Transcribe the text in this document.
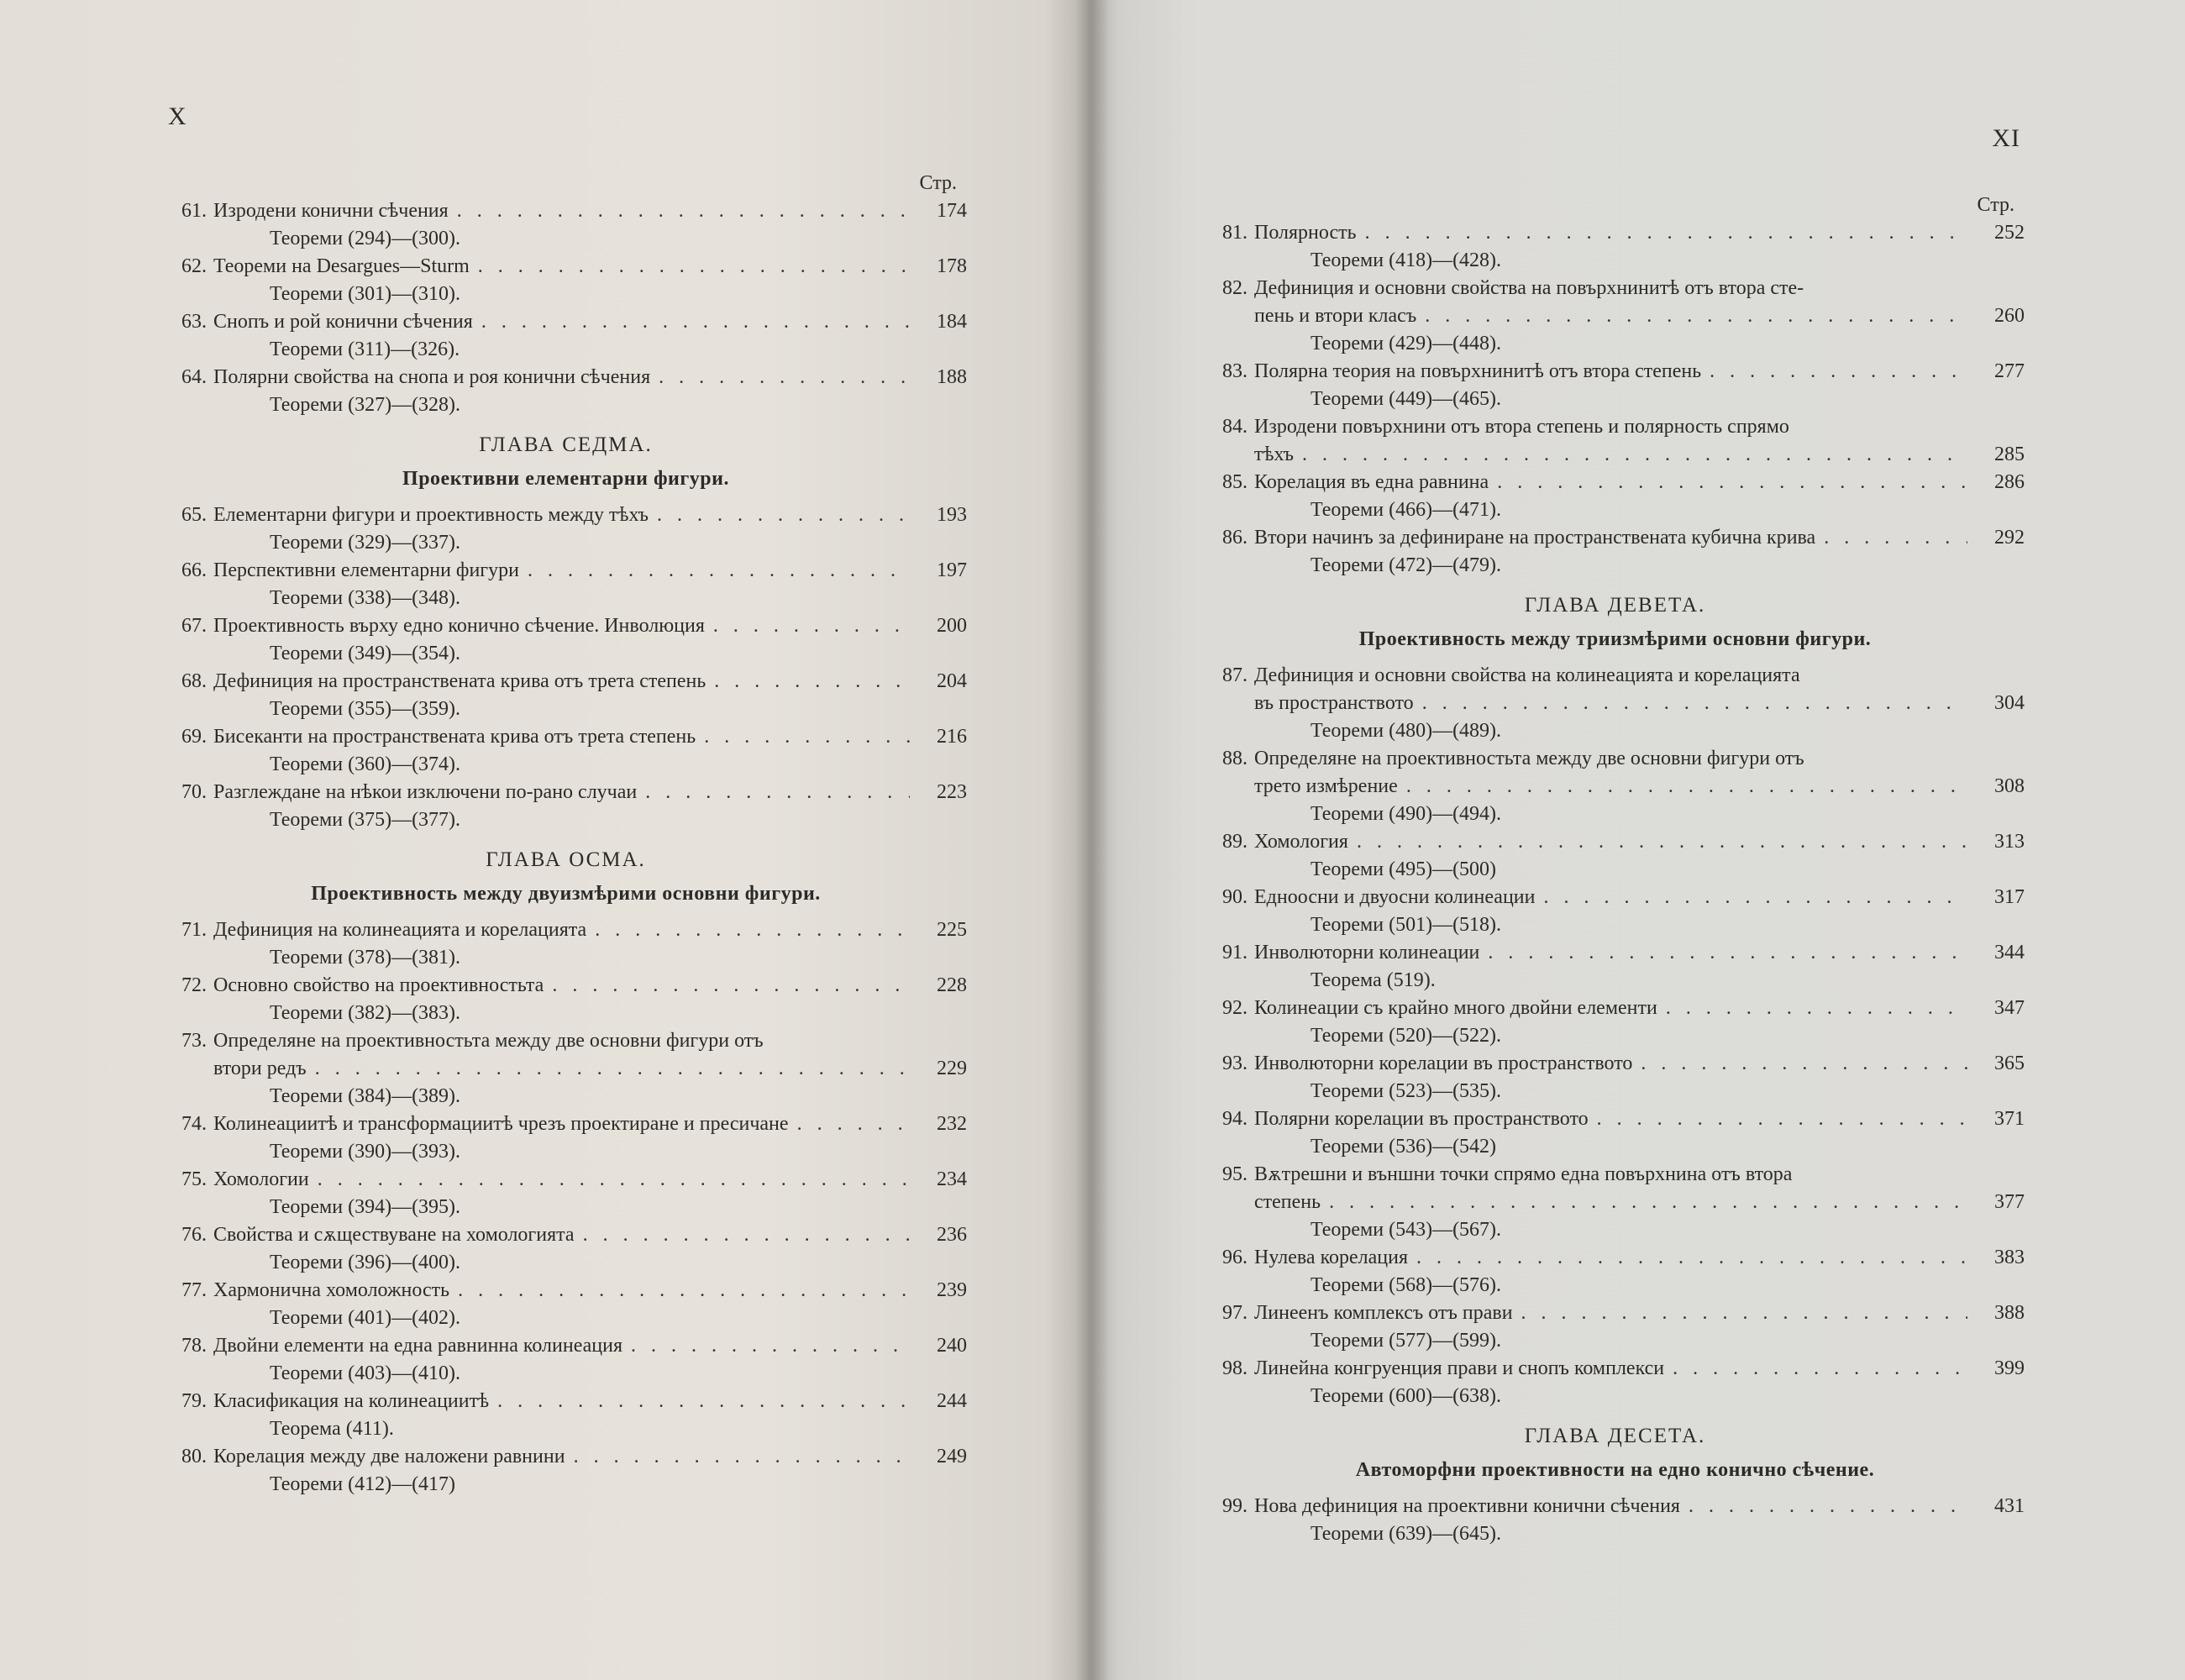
X
Стр.
61. Изродени конични сѣчения . . .	174
Теореми (294)—(300).
62. Теореми на Desargues—Sturm . . .	178
Теореми (301)—(310).
63. Снопъ и рой конични сѣчения . . .	184
Теореми (311)—(326).
64. Полярни свойства на снопа и роя конични сѣчения . . .	188
Теореми (327)—(328).
ГЛАВА СЕДМА.
Проективни елементарни фигури.
65. Елементарни фигури и проективность между тѣхъ . . .	193
Теореми (329)—(337).
66. Перспективни елементарни фигури . . .	197
Теореми (338)—(348).
67. Проективность върху едно конично сѣчение. Инволюция . . .	200
Теореми (349)—(354).
68. Дефиниция на пространствената крива отъ трета степень . . .	204
Теореми (355)—(359).
69. Бисеканти на пространствената крива отъ трета степень . . .	216
Теореми (360)—(374).
70. Разглеждане на нѣкои изключени по-рано случаи . . .	223
Теореми (375)—(377).
ГЛАВА ОСМА.
Проективность между двуизмѣрими основни фигури.
71. Дефиниция на колинеацията и корелацията . . .	225
Теореми (378)—(381).
72. Основно свойство на проективностьта . . .	228
Теореми (382)—(383).
73. Определяне на проективностьта между две основни фигури отъ
втори редъ . . .	229
Теореми (384)—(389).
74. Колинеациитѣ и трансформациитѣ чрезъ проектиране и пресичане . . .	232
Теореми (390)—(393).
75. Хомологии . . .	234
Теореми (394)—(395).
76. Свойства и сѫществуване на хомологията . . .	236
Теореми (396)—(400).
77. Хармонична хомоложность . . .	239
Теореми (401)—(402).
78. Двойни елементи на една равнинна колинеация . . .	240
Теореми (403)—(410).
79. Класификация на колинеациитѣ . . .	244
Теорема (411).
80. Корелация между две наложени равнини . . .	249
Теореми (412)—(417)
XI
Стр.
81. Полярность . . .	252
Теореми (418)—(428).
82. Дефиниция и основни свойства на повърхнинитѣ отъ втора сте-
пень и втори класъ . . .	260
Теореми (429)—(448).
83. Полярна теория на повърхнинитѣ отъ втора степень . . .	277
Теореми (449)—(465).
84. Изродени повърхнини отъ втора степень и полярность спрямо
тѣхъ . . .	285
85. Корелация въ една равнина . . .	286
Теореми (466)—(471).
86. Втори начинъ за дефиниране на пространствената кубична крива . . .	292
Теореми (472)—(479).
ГЛАВА ДЕВЕТА.
Проективность между триизмѣрими основни фигури.
87. Дефиниция и основни свойства на колинеацията и корелацията
въ пространството . . .	304
Теореми (480)—(489).
88. Определяне на проективностьта между две основни фигури отъ
трето измѣрение . . .	308
Теореми (490)—(494).
89. Хомология . . .	313
Теореми (495)—(500)
90. Едноосни и двуосни колинеации . . .	317
Теореми (501)—(518).
91. Инволюторни колинеации . . .	344
Теорема (519).
92. Колинеации съ крайно много двойни елементи . . .	347
Теореми (520)—(522).
93. Инволюторни корелации въ пространството . . .	365
Теореми (523)—(535).
94. Полярни корелации въ пространството . . .	371
Теореми (536)—(542)
95. Вѫтрешни и външни точки спрямо една повърхнина отъ втора
степень . . .	377
Теореми (543)—(567).
96. Нулева корелация . . .	383
Теореми (568)—(576).
97. Линеенъ комплексъ отъ прави . . .	388
Теореми (577)—(599).
98. Линейна конгруенция прави и снопъ комплекси . . .	399
Теореми (600)—(638).
ГЛАВА ДЕСЕТА.
Автоморфни проективности на едно конично сѣчение.
99. Нова дефиниция на проективни конични сѣчения . . .	431
Теореми (639)—(645).
